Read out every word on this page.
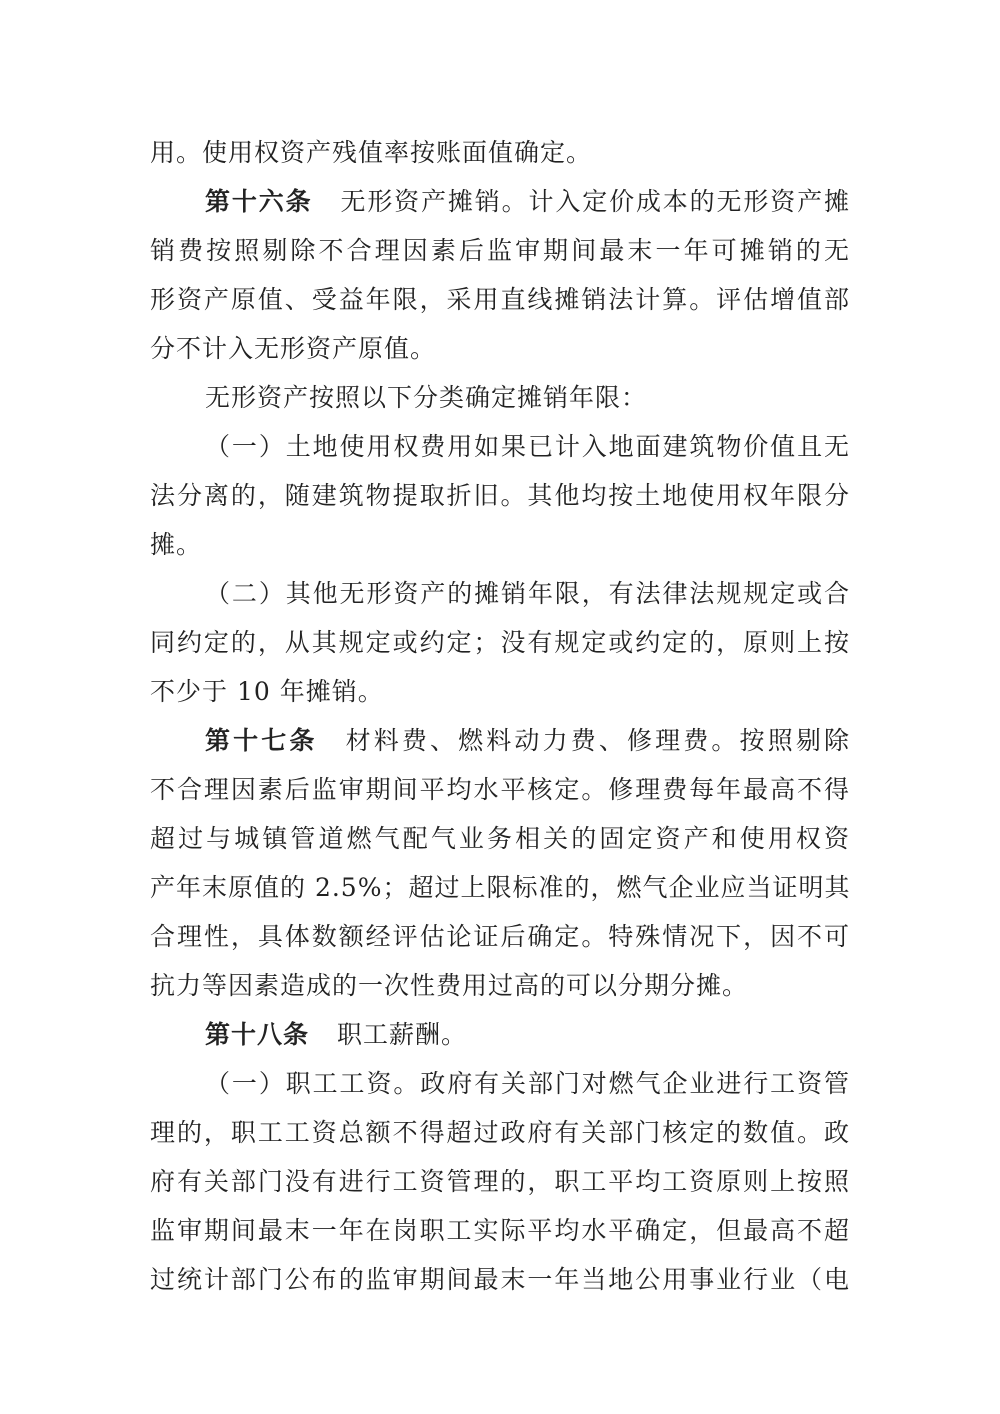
用。使用权资产残值率按账面值确定。
第十六条 无形资产摊销。计入定价成本的无形资产摊
销费按照剔除不合理因素后监审期间最末一年可摊销的无
形资产原值、受益年限，采用直线摊销法计算。评估增值部
分不计入无形资产原值。
无形资产按照以下分类确定摊销年限：
（一）土地使用权费用如果已计入地面建筑物价值且无
法分离的，随建筑物提取折旧。其他均按土地使用权年限分
摊。
（二）其他无形资产的摊销年限，有法律法规规定或合
同约定的，从其规定或约定；没有规定或约定的，原则上按
不少于 10 年摊销。
第十七条 材料费、燃料动力费、修理费。按照剔除
不合理因素后监审期间平均水平核定。修理费每年最高不得
超过与城镇管道燃气配气业务相关的固定资产和使用权资
产年末原值的 2.5%；超过上限标准的，燃气企业应当证明其
合理性，具体数额经评估论证后确定。特殊情况下，因不可
抗力等因素造成的一次性费用过高的可以分期分摊。
第十八条 职工薪酬。
（一）职工工资。政府有关部门对燃气企业进行工资管
理的，职工工资总额不得超过政府有关部门核定的数值。政
府有关部门没有进行工资管理的，职工平均工资原则上按照
监审期间最末一年在岗职工实际平均水平确定，但最高不超
过统计部门公布的监审期间最末一年当地公用事业行业（电
